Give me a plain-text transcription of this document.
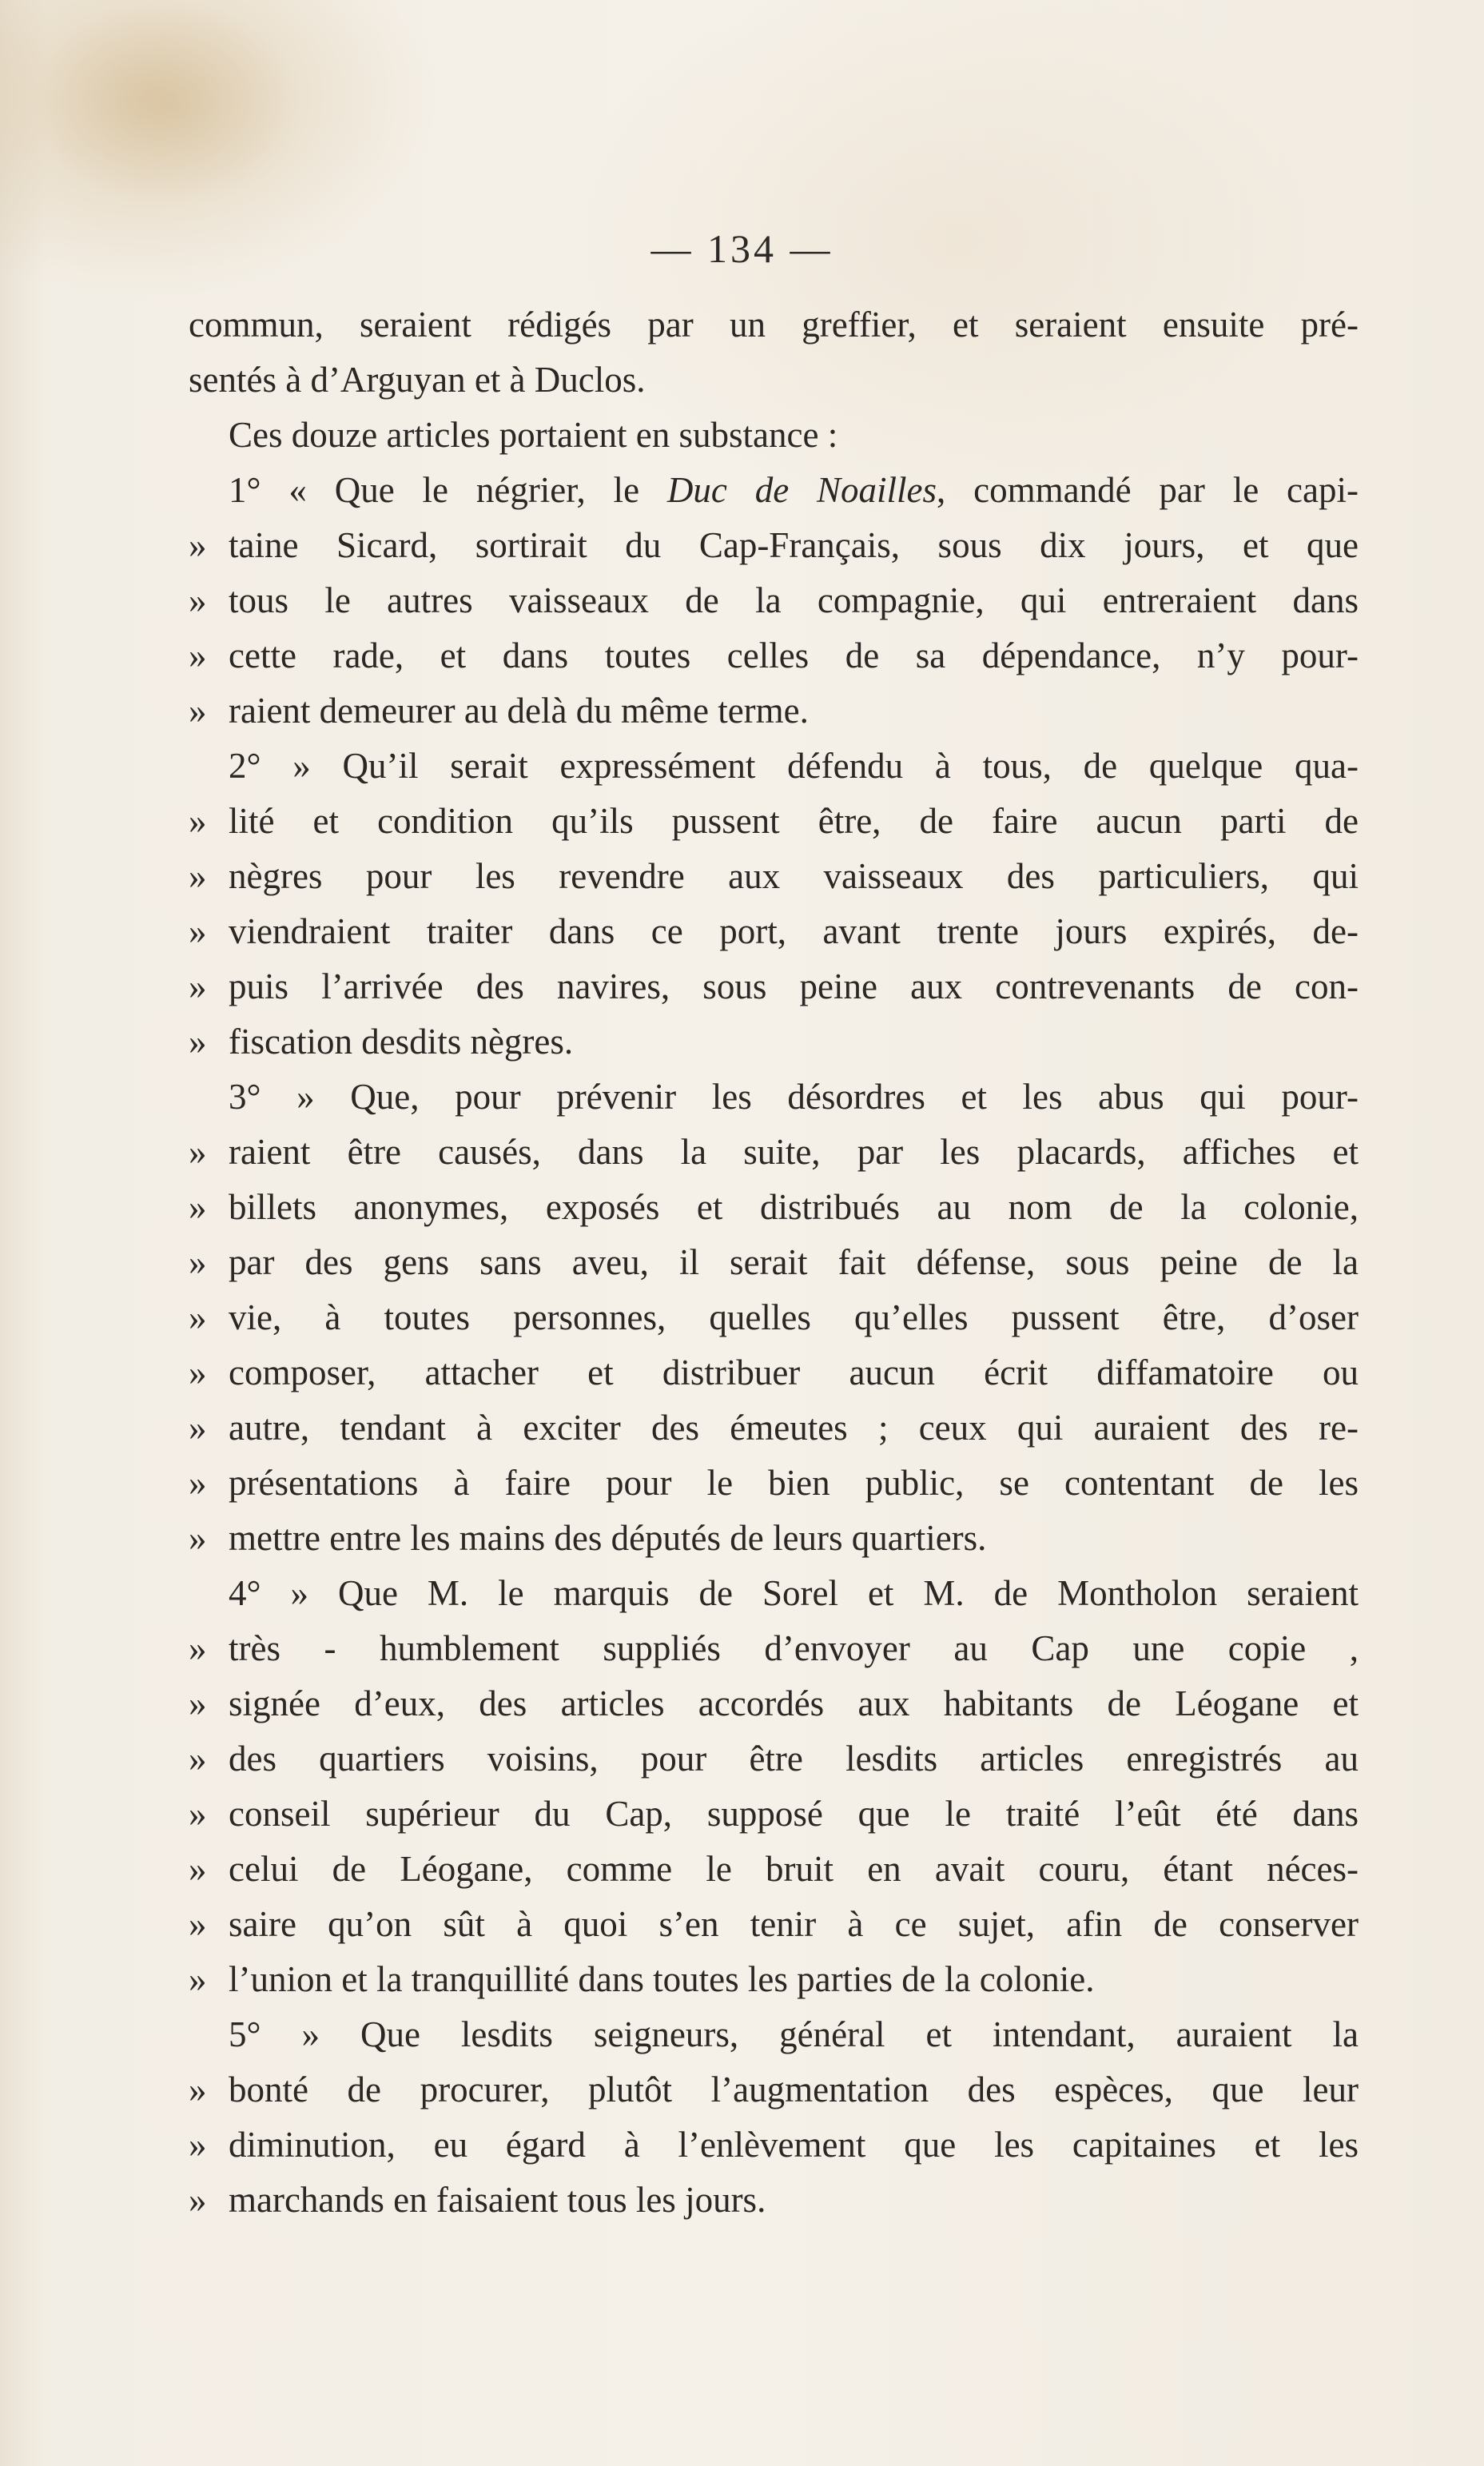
— 134 —
commun, seraient rédigés par un greffier, et seraient ensuite pré-
sentés à d’Arguyan et à Duclos.
Ces douze articles portaient en substance :
1° « Que le négrier, le Duc de Noailles, commandé par le capi-
» taine Sicard, sortirait du Cap-Français, sous dix jours, et que
» tous le autres vaisseaux de la compagnie, qui entreraient dans
» cette rade, et dans toutes celles de sa dépendance, n’y pour-
» raient demeurer au delà du même terme.
2° » Qu’il serait expressément défendu à tous, de quelque qua-
» lité et condition qu’ils pussent être, de faire aucun parti de
» nègres pour les revendre aux vaisseaux des particuliers, qui
» viendraient traiter dans ce port, avant trente jours expirés, de-
» puis l’arrivée des navires, sous peine aux contrevenants de con-
» fiscation desdits nègres.
3° » Que, pour prévenir les désordres et les abus qui pour-
» raient être causés, dans la suite, par les placards, affiches et
» billets anonymes, exposés et distribués au nom de la colonie,
» par des gens sans aveu, il serait fait défense, sous peine de la
» vie, à toutes personnes, quelles qu’elles pussent être, d’oser
» composer, attacher et distribuer aucun écrit diffamatoire ou
» autre, tendant à exciter des émeutes ; ceux qui auraient des re-
» présentations à faire pour le bien public, se contentant de les
» mettre entre les mains des députés de leurs quartiers.
4° » Que M. le marquis de Sorel et M. de Montholon seraient
» très - humblement suppliés d’envoyer au Cap une copie ,
» signée d’eux, des articles accordés aux habitants de Léogane et
» des quartiers voisins, pour être lesdits articles enregistrés au
» conseil supérieur du Cap, supposé que le traité l’eût été dans
» celui de Léogane, comme le bruit en avait couru, étant néces-
» saire qu’on sût à quoi s’en tenir à ce sujet, afin de conserver
» l’union et la tranquillité dans toutes les parties de la colonie.
5° » Que lesdits seigneurs, général et intendant, auraient la
» bonté de procurer, plutôt l’augmentation des espèces, que leur
» diminution, eu égard à l’enlèvement que les capitaines et les
» marchands en faisaient tous les jours.
